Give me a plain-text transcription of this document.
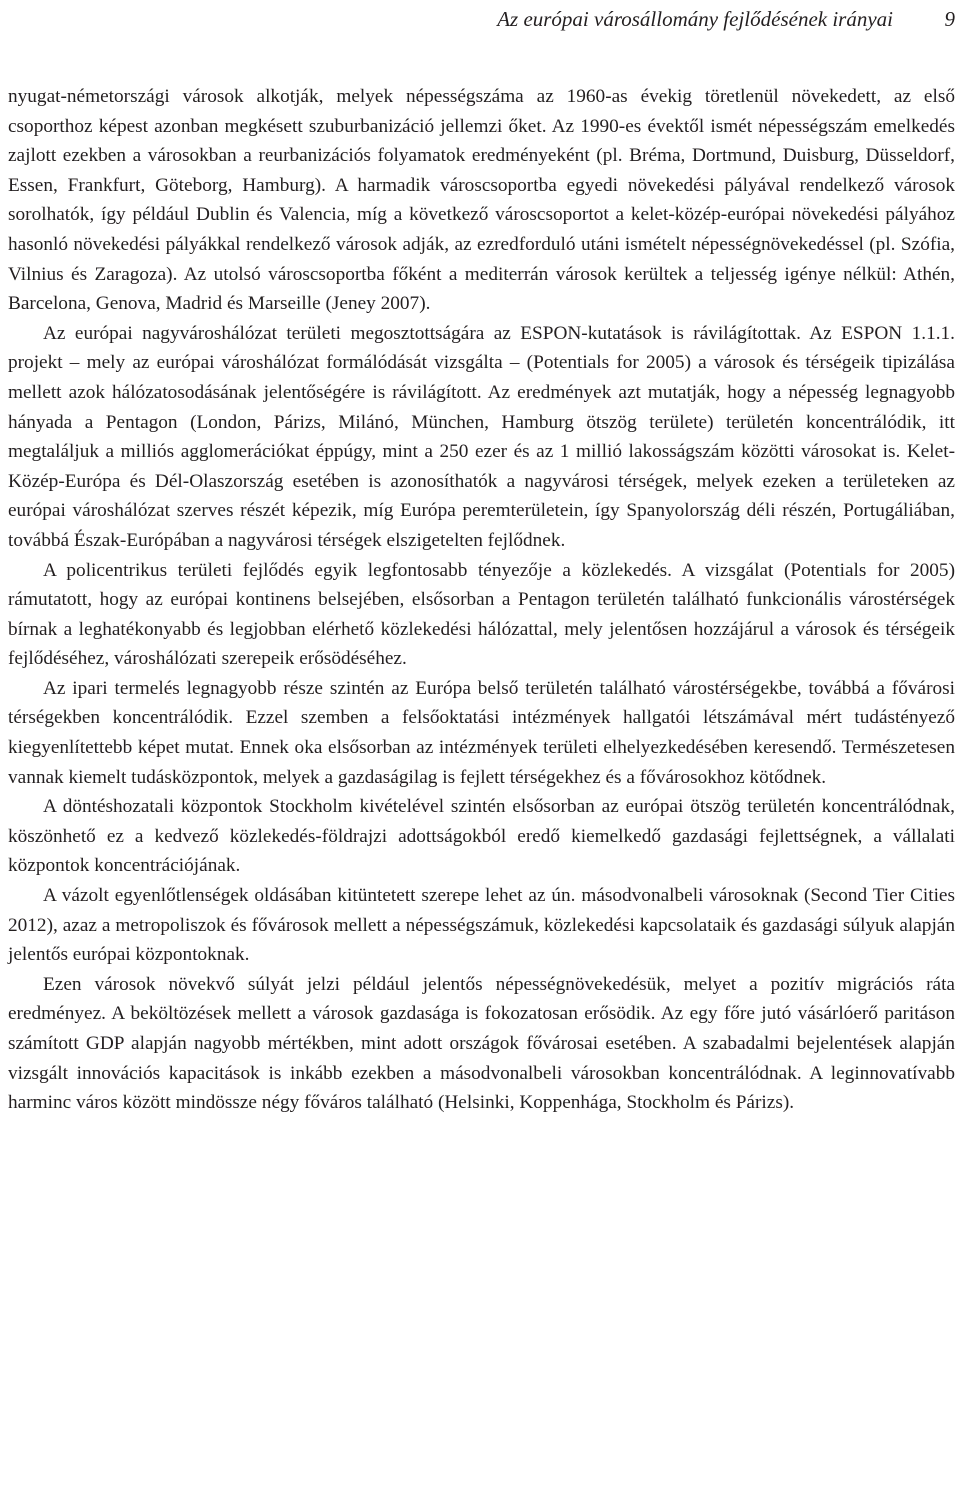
Az európai városállomány fejlődésének irányai 9

nyugat-németországi városok alkotják, melyek népességszáma az 1960-as évekig töretlenül növekedett, az első csoporthoz képest azonban megkésett szuburbanizáció jellemzi őket. Az 1990-es évektől ismét népességszám emelkedés zajlott ezekben a városokban a reurbanizációs folyamatok eredményeként (pl. Bréma, Dortmund, Duisburg, Düsseldorf, Essen, Frankfurt, Göteborg, Hamburg). A harmadik városcsoportba egyedi növekedési pályával rendelkező városok sorolhatók, így például Dublin és Valencia, míg a következő városcsoportot a kelet-közép-európai növekedési pályához hasonló növekedési pályákkal rendelkező városok adják, az ezredforduló utáni ismételt népességnövekedéssel (pl. Szófia, Vilnius és Zaragoza). Az utolsó városcsoportba főként a mediterrán városok kerültek a teljesség igénye nélkül: Athén, Barcelona, Genova, Madrid és Marseille (Jeney 2007).

Az európai nagyvároshálózat területi megosztottságára az ESPON-kutatások is rávilágítottak. Az ESPON 1.1.1. projekt – mely az európai városhálózat formálódását vizsgálta – (Potentials for 2005) a városok és térségeik tipizálása mellett azok hálózatosodásának jelentőségére is rávilágított. Az eredmények azt mutatják, hogy a népesség legnagyobb hányada a Pentagon (London, Párizs, Milánó, München, Hamburg ötszög területe) területén koncentrálódik, itt megtaláljuk a milliós agglomerációkat éppúgy, mint a 250 ezer és az 1 millió lakosságszám közötti városokat is. Kelet-Közép-Európa és Dél-Olaszország esetében is azonosíthatók a nagyvárosi térségek, melyek ezeken a területeken az európai városhálózat szerves részét képezik, míg Európa peremterületein, így Spanyolország déli részén, Portugáliában, továbbá Észak-Európában a nagyvárosi térségek elszigetelten fejlődnek.

A policentrikus területi fejlődés egyik legfontosabb tényezője a közlekedés. A vizsgálat (Potentials for 2005) rámutatott, hogy az európai kontinens belsejében, elsősorban a Pentagon területén található funkcionális várostérségek bírnak a leghatékonyabb és legjobban elérhető közlekedési hálózattal, mely jelentősen hozzájárul a városok és térségeik fejlődéséhez, városhálózati szerepeik erősödéséhez.

Az ipari termelés legnagyobb része szintén az Európa belső területén található várostérségekbe, továbbá a fővárosi térségekben koncentrálódik. Ezzel szemben a felsőoktatási intézmények hallgatói létszámával mért tudástényező kiegyenlítettebb képet mutat. Ennek oka elsősorban az intézmények területi elhelyezkedésében keresendő. Természetesen vannak kiemelt tudásközpontok, melyek a gazdaságilag is fejlett térségekhez és a fővárosokhoz kötődnek.

A döntéshozatali központok Stockholm kivételével szintén elsősorban az európai ötszög területén koncentrálódnak, köszönhető ez a kedvező közlekedés-földrajzi adottságokból eredő kiemelkedő gazdasági fejlettségnek, a vállalati központok koncentrációjának.

A vázolt egyenlőtlenségek oldásában kitüntetett szerepe lehet az ún. másodvonalbeli városoknak (Second Tier Cities 2012), azaz a metropoliszok és fővárosok mellett a népességszámuk, közlekedési kapcsolataik és gazdasági súlyuk alapján jelentős európai központoknak.

Ezen városok növekvő súlyát jelzi például jelentős népességnövekedésük, melyet a pozitív migrációs ráta eredményez. A beköltözések mellett a városok gazdasága is fokozatosan erősödik. Az egy főre jutó vásárlóerő paritáson számított GDP alapján nagyobb mértékben, mint adott országok fővárosai esetében. A szabadalmi bejelentések alapján vizsgált innovációs kapacitások is inkább ezekben a másodvonalbeli városokban koncentrálódnak. A leginnovatívabb harminc város között mindössze négy főváros található (Helsinki, Koppenhága, Stockholm és Párizs).
